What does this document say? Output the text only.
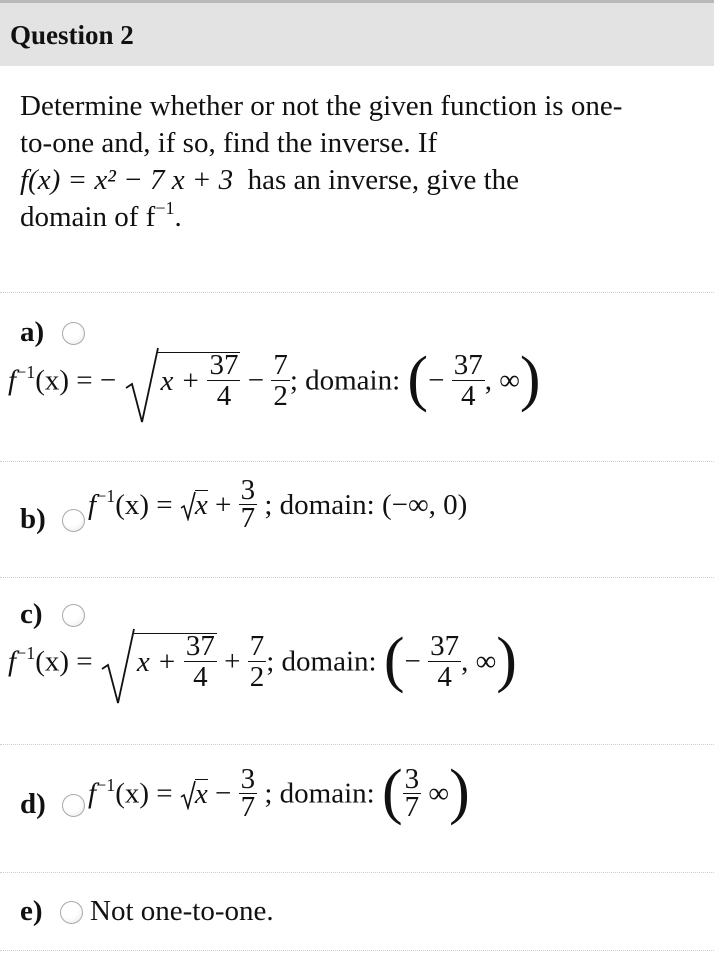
Question 2
Determine whether or not the given function is one-
to-one and, if so, find the inverse. If
f(x) = x² − 7 x + 3 has an inverse, give the
domain of $f^{-1}$.
a)
$f^{-1}(x)$ = − $x + \frac{37}{4} - \frac{7}{2}$ ; domain: (− $\frac{37}{4}$ , ∞)
b) $f^{-1}(x) = x + \frac{3}{7}$ ; domain: (−∞, 0)
c)
$f^{-1}(x) = x + \frac{37}{4} + \frac{7}{2}$ ; domain: (− $\frac{37}{4}$ , ∞)
d) $f^{-1}(x) = x - \frac{3}{7}$ ; domain: ( $\frac{3}{7}$ ∞)
e) Not one-to-one.
